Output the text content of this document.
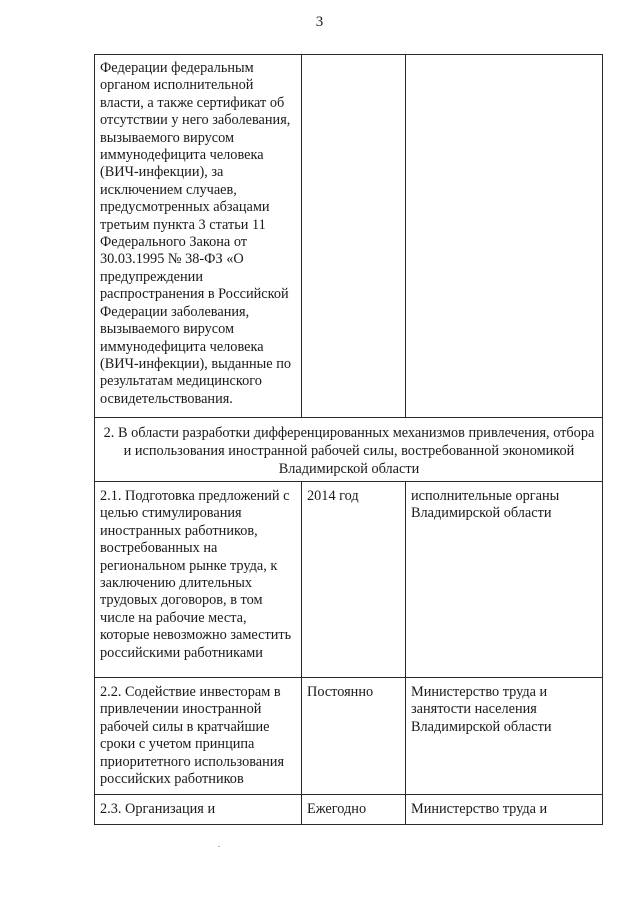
3
Федерации федеральным органом исполнительной власти, а также сертификат об отсутствии у него заболевания, вызываемого вирусом иммунодефицита человека (ВИЧ-инфекции), за исключением случаев, предусмотренных абзацами третьим пункта 3 статьи 11 Федерального Закона от 30.03.1995 № 38-ФЗ «О предупреждении распространения в Российской Федерации заболевания, вызываемого вирусом иммунодефицита человека (ВИЧ-инфекции), выданные по результатам медицинского освидетельствования.		
2. В области разработки дифференцированных механизмов привлечения, отбора и использования иностранной рабочей силы, востребованной экономикой Владимирской области		
2.1. Подготовка предложений с целью стимулирования иностранных работников, востребованных на региональном рынке труда, к заключению длительных трудовых договоров, в том числе на рабочие места, которые невозможно заместить российскими работниками	2014 год	исполнительные органы Владимирской области
2.2. Содействие инвесторам в привлечении иностранной рабочей силы в кратчайшие сроки с учетом принципа приоритетного использования российских работников	Постоянно	Министерство труда и занятости населения Владимирской области
2.3. Организация и	Ежегодно	Министерство труда и
